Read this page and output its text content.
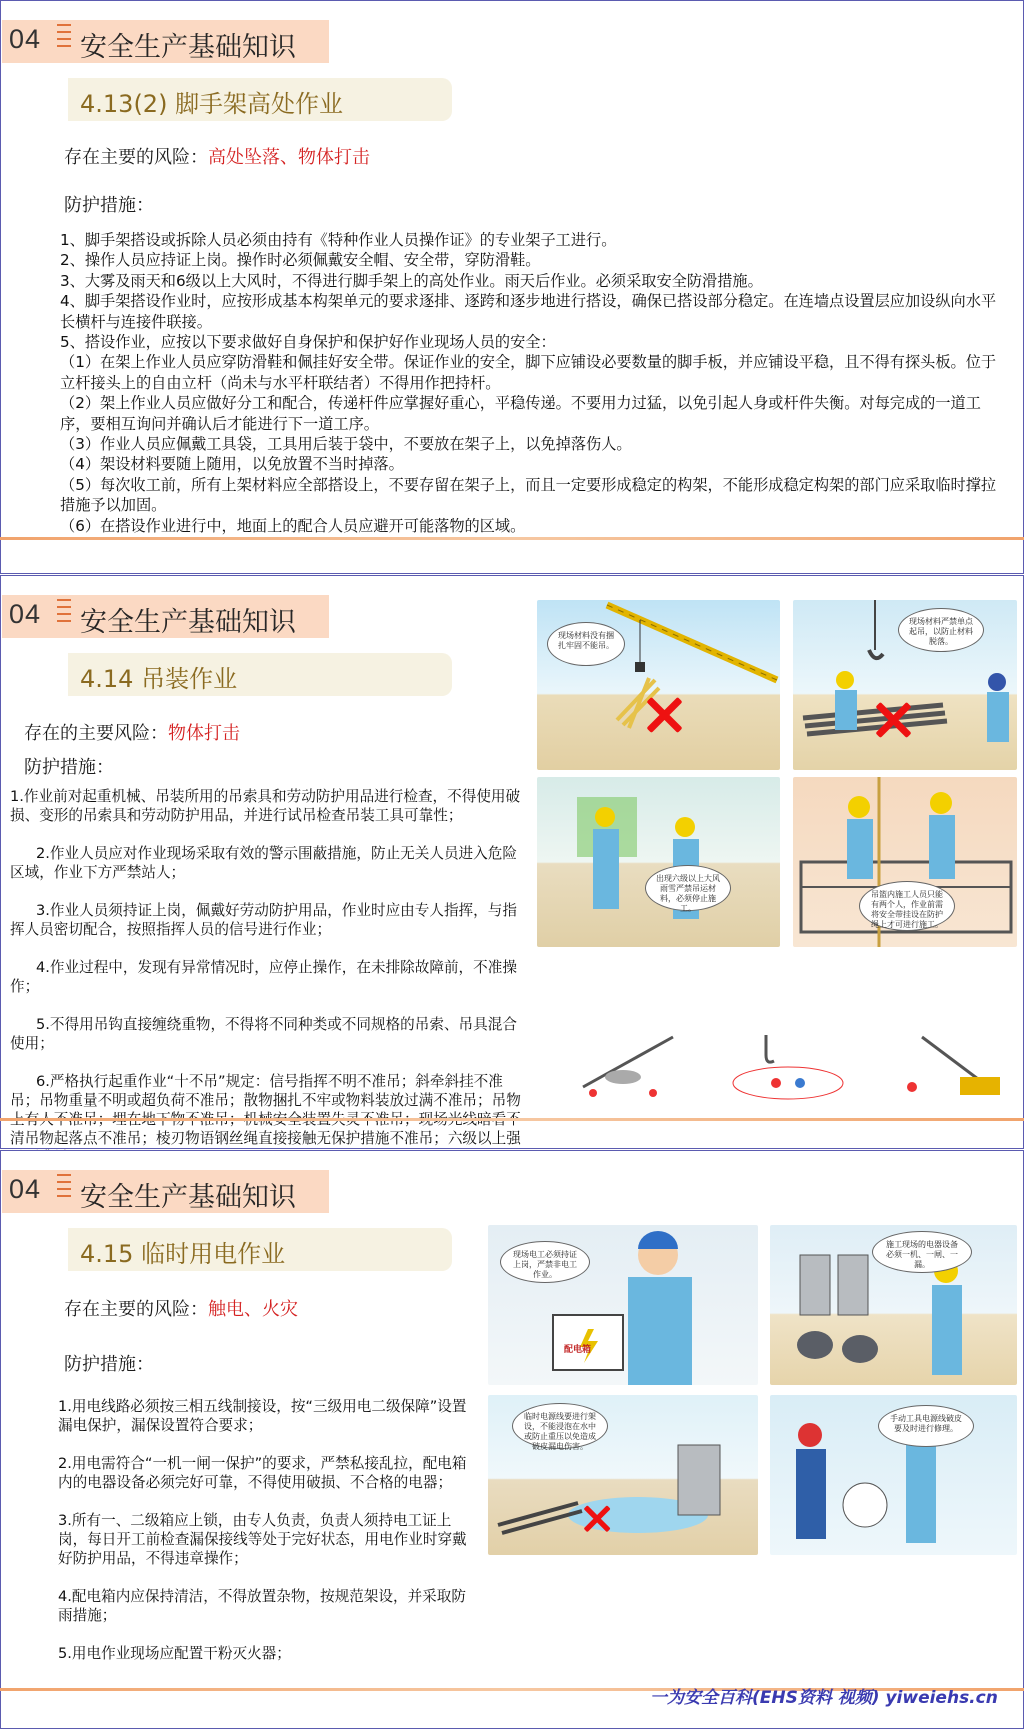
04 安全生产基础知识
4.13(2) 脚手架高处作业
存在主要的风险：高处坠落、物体打击
防护措施：

1、脚手架搭设或拆除人员必须由持有《特种作业人员操作证》的专业架子工进行。

2、操作人员应持证上岗。操作时必须佩戴安全帽、安全带，穿防滑鞋。

3、大雾及雨天和6级以上大风时，不得进行脚手架上的高处作业。雨天后作业。必须采取安全防滑措施。

4、脚手架搭设作业时，应按形成基本构架单元的要求逐排、逐跨和逐步地进行搭设，确保已搭设部分稳定。在连墙点设置层应加设纵向水平长横杆与连接件联接。

5、搭设作业，应按以下要求做好自身保护和保护好作业现场人员的安全：

（1）在架上作业人员应穿防滑鞋和佩挂好安全带。保证作业的安全，脚下应铺设必要数量的脚手板，并应铺设平稳，且不得有探头板。位于立杆接头上的自由立杆（尚未与水平杆联结者）不得用作把持杆。

（2）架上作业人员应做好分工和配合，传递杆件应掌握好重心，平稳传递。不要用力过猛，以免引起人身或杆件失衡。对每完成的一道工序，要相互询问并确认后才能进行下一道工序。

（3）作业人员应佩戴工具袋，工具用后装于袋中，不要放在架子上，以免掉落伤人。

（4）架设材料要随上随用，以免放置不当时掉落。

（5）每次收工前，所有上架材料应全部搭设上，不要存留在架子上，而且一定要形成稳定的构架，不能形成稳定构架的部门应采取临时撑拉措施予以加固。

（6）在搭设作业进行中，地面上的配合人员应避开可能落物的区域。

04 安全生产基础知识
4.14 吊装作业
存在的主要风险：物体打击
防护措施：

1.作业前对起重机械、吊装所用的吊索具和劳动防护用品进行检查，不得使用破损、变形的吊索具和劳动防护用品，并进行试吊检查吊装工具可靠性；

2.作业人员应对作业现场采取有效的警示围蔽措施，防止无关人员进入危险区域，作业下方严禁站人；

3.作业人员须持证上岗，佩戴好劳动防护用品，作业时应由专人指挥，与指挥人员密切配合，按照指挥人员的信号进行作业；

4.作业过程中，发现有异常情况时，应停止操作，在未排除故障前，不准操作；

5.不得用吊钩直接缠绕重物，不得将不同种类或不同规格的吊索、吊具混合使用；

6.严格执行起重作业“十不吊”规定：信号指挥不明不准吊；斜牵斜挂不准吊；吊物重量不明或超负荷不准吊；散物捆扎不牢或物料装放过满不准吊；吊物 清吊物起落点不准吊；棱刃物语钢丝绳直接接触无保护措施不准吊；六级以上强

现场材料没有捆扎牢固不能吊。
现场材料严禁单点起吊，以防止材料脱落。
出现六级以上大风雨雪严禁吊运材料，必须停止施工。
吊篮内施工人员只能有两个人，作业前需将安全带挂设在防护绳上才可进行施工。
04 安全生产基础知识
4.15 临时用电作业
存在主要的风险：触电、火灾
防护措施：

1.用电线路必须按三相五线制接设，按“三级用电二级保障”设置漏电保护，漏保设置符合要求；

2.用电需符合“一机一闸一保护”的要求，严禁私接乱拉，配电箱内的电器设备必须完好可靠，不得使用破损、不合格的电器；

3.所有一、二级箱应上锁，由专人负责，负责人须持电工证上岗，每日开工前检查漏保接线等处于完好状态，用电作业时穿戴好防护用品，不得违章操作；

4.配电箱内应保持清洁，不得放置杂物，按规范架设，并采取防雨措施；

5.用电作业现场应配置干粉灭火器；

现场电工必须持证上岗，严禁非电工作业。
配电箱
施工现场的电器设备必须一机、一闸、一漏。
临时电源线要进行架设，不能浸泡在水中或防止重压以免造成破皮漏电伤害。
手动工具电源线破皮要及时进行修理。
一为安全百科(EHS资料 视频) yiweiehs.cn
